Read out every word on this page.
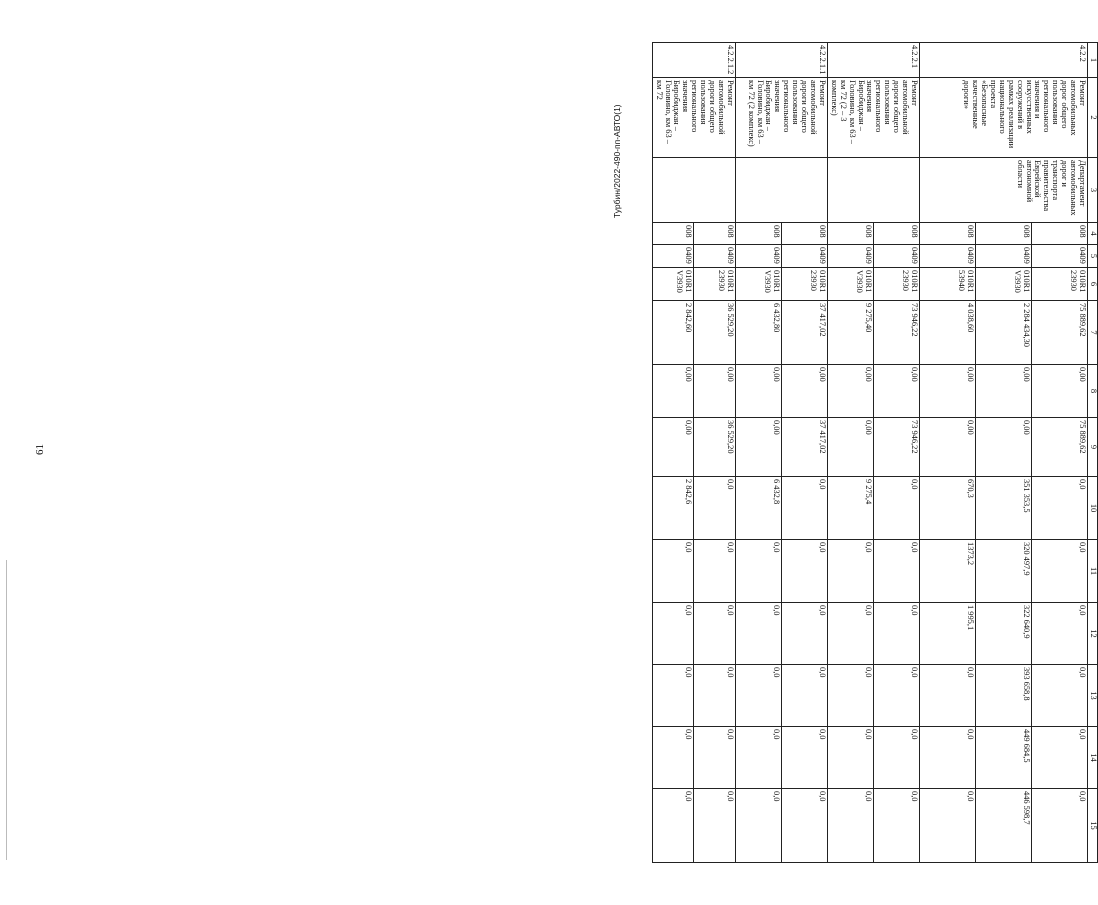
61
Турбин/2022-490-пп-АВТО(1)
1	2	3	4	5	6	7	8	9	10	11	12	13	14	15
4.2.2	Ремонт автомобильных дорог общего пользования регионального значения и искусственных сооружений в рамках реализации национального проекта «Безопасные качественные дороги»	Департамент автомобильных дорог и транспорта правительства Еврейской автономной области	008	0409	010R1 23930	75 889,62	0,00	75 889,62	0,0	0,0	0,0	0,0	0,0	0,0
			008	0409	010R1 V3930	2 284 434,30	0,00	0,00	351 353,5	320 497,9	322 640,9	393 658,8	449 684,5	446 598,7
			008	0409	010R1 53940	4 038,60	0,00	0,00	670,3	1373,2	1 995,1	0,0	0,0	0,0
4.2.2.1	Ремонт автомобильной дороги общего пользования регионального значения Биробиджан – Головино, км 63 – км 72 (2 – 3 комплекс)		008	0409	010R1 23930	73 946,22	0,00	73 946,22	0,0	0,0	0,0	0,0	0,0	0,0
			008	0409	010R1 V3930	9 275,40	0,00	0,00	9 275,4	0,0	0,0	0,0	0,0	0,0
4.2.2.1.1	Ремонт автомобильной дороги общего пользования регионального значения Биробиджан – Головино, км 63 – км 72 (2 комплекс)		008	0409	010R1 23930	37 417,02	0,00	37 417,02	0,0	0,0	0,0	0,0	0,0	0,0
			008	0409	010R1 V3930	6 432,80	0,00	0,00	6 432,8	0,0	0,0	0,0	0,0	0,0
4.2.2.1.2	Ремонт автомобильной дороги общего пользования регионального значения Биробиджан – Головино, км 63 – км 72		008	0409	010R1 23930	36 529,20	0,00	36 529,20	0,0	0,0	0,0	0,0	0,0	0,0
			008	0409	010R1 V3930	2 842,60	0,00	0,00	2 842,6	0,0	0,0	0,0	0,0	0,0
